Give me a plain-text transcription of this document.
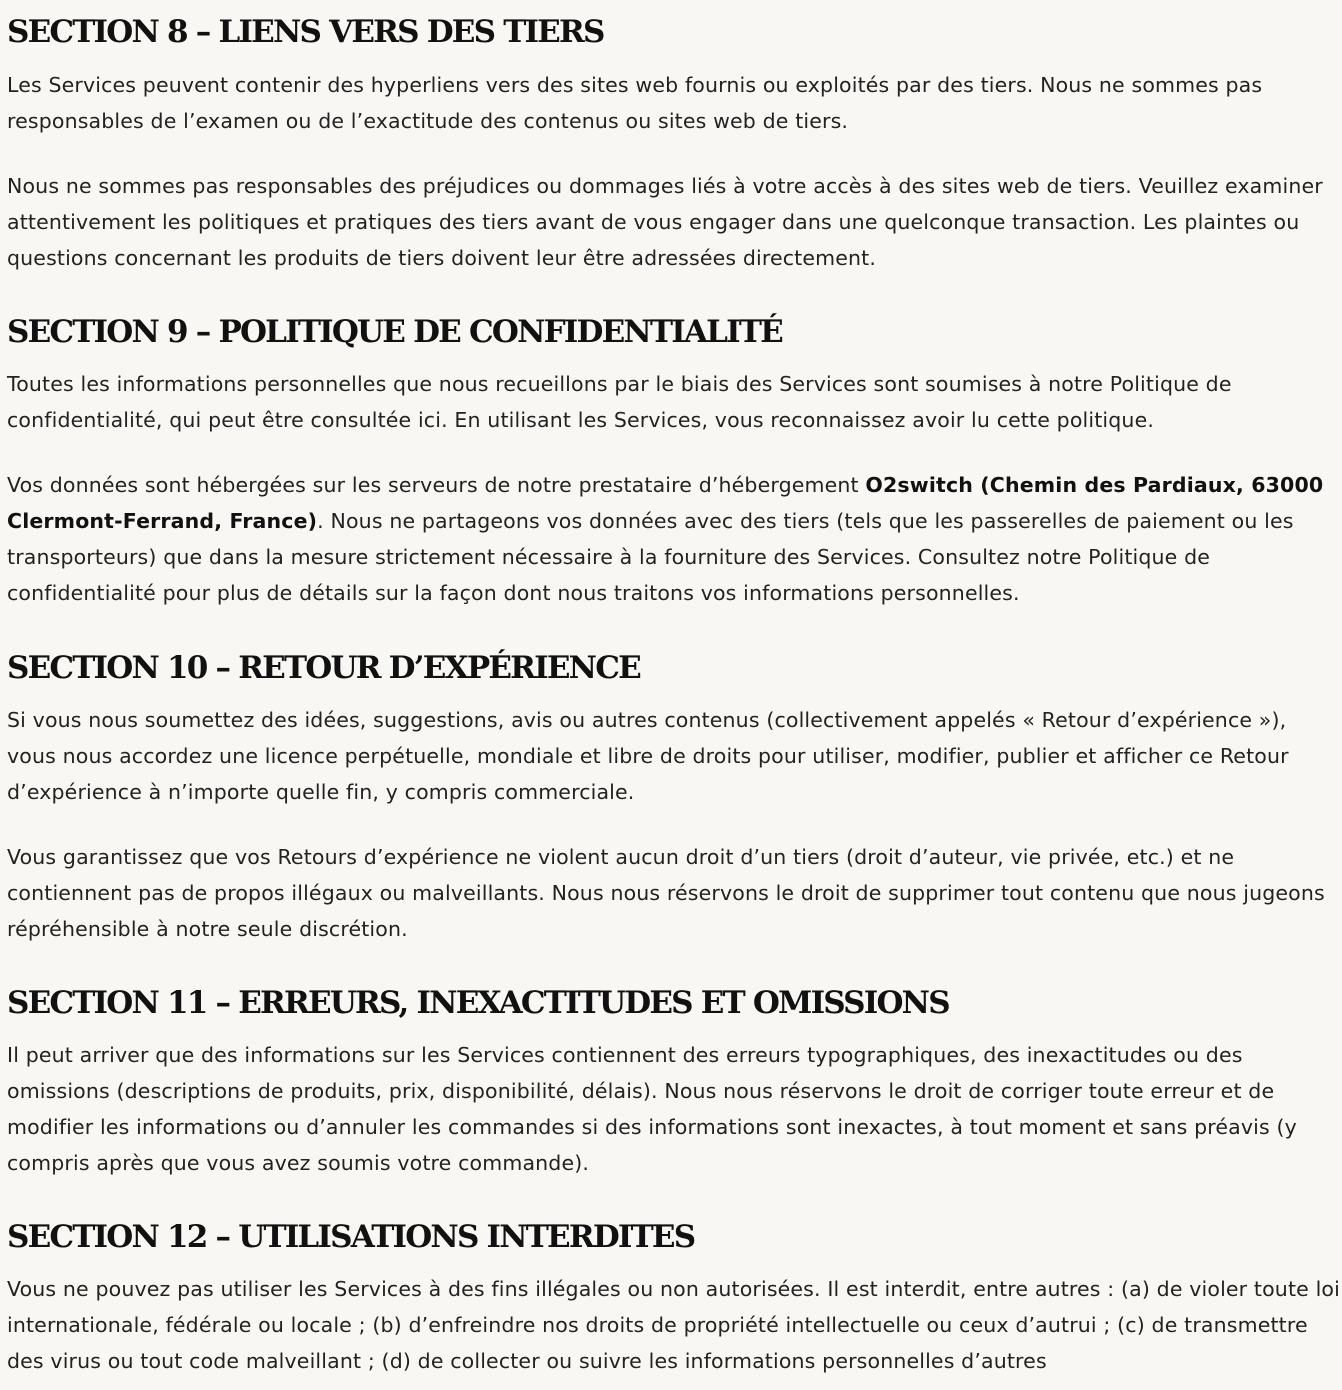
SECTION 8 – LIENS VERS DES TIERS

Les Services peuvent contenir des hyperliens vers des sites web fournis ou exploités par des tiers. Nous ne sommes pas responsables de l’examen ou de l’exactitude des contenus ou sites web de tiers.

Nous ne sommes pas responsables des préjudices ou dommages liés à votre accès à des sites web de tiers. Veuillez examiner attentivement les politiques et pratiques des tiers avant de vous engager dans une quelconque transaction. Les plaintes ou questions concernant les produits de tiers doivent leur être adressées directement.

SECTION 9 – POLITIQUE DE CONFIDENTIALITÉ

Toutes les informations personnelles que nous recueillons par le biais des Services sont soumises à notre Politique de confidentialité, qui peut être consultée ici. En utilisant les Services, vous reconnaissez avoir lu cette politique.

Vos données sont hébergées sur les serveurs de notre prestataire d’hébergement O2switch (Chemin des Pardiaux, 63000 Clermont-Ferrand, France). Nous ne partageons vos données avec des tiers (tels que les passerelles de paiement ou les transporteurs) que dans la mesure strictement nécessaire à la fourniture des Services. Consultez notre Politique de confidentialité pour plus de détails sur la façon dont nous traitons vos informations personnelles.

SECTION 10 – RETOUR D’EXPÉRIENCE

Si vous nous soumettez des idées, suggestions, avis ou autres contenus (collectivement appelés « Retour d’expérience »), vous nous accordez une licence perpétuelle, mondiale et libre de droits pour utiliser, modifier, publier et afficher ce Retour d’expérience à n’importe quelle fin, y compris commerciale.

Vous garantissez que vos Retours d’expérience ne violent aucun droit d’un tiers (droit d’auteur, vie privée, etc.) et ne contiennent pas de propos illégaux ou malveillants. Nous nous réservons le droit de supprimer tout contenu que nous jugeons répréhensible à notre seule discrétion.

SECTION 11 – ERREURS, INEXACTITUDES ET OMISSIONS

Il peut arriver que des informations sur les Services contiennent des erreurs typographiques, des inexactitudes ou des omissions (descriptions de produits, prix, disponibilité, délais). Nous nous réservons le droit de corriger toute erreur et de modifier les informations ou d’annuler les commandes si des informations sont inexactes, à tout moment et sans préavis (y compris après que vous avez soumis votre commande).

SECTION 12 – UTILISATIONS INTERDITES

Vous ne pouvez pas utiliser les Services à des fins illégales ou non autorisées. Il est interdit, entre autres : (a) de violer toute loi internationale, fédérale ou locale ; (b) d’enfreindre nos droits de propriété intellectuelle ou ceux d’autrui ; (c) de transmettre des virus ou tout code malveillant ; (d) de collecter ou suivre les informations personnelles d’autres
